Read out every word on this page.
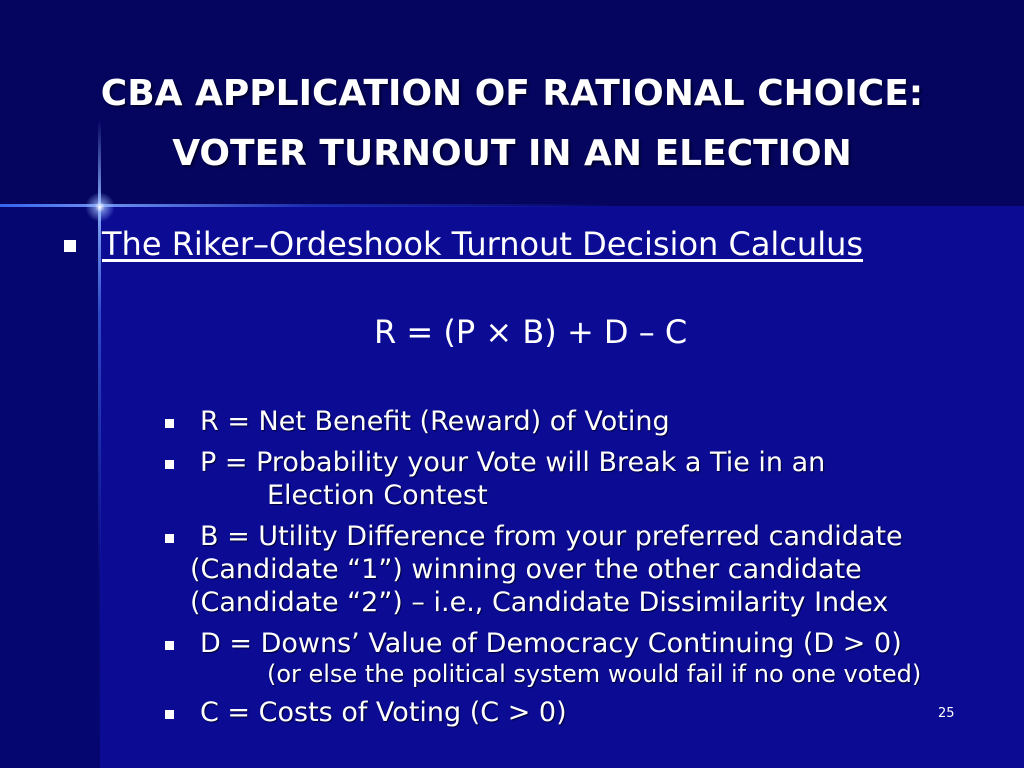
CBA APPLICATION OF RATIONAL CHOICE:
VOTER TURNOUT IN AN ELECTION
The Riker–Ordeshook Turnout Decision Calculus
R = (P × B) + D – C
R = Net Benefit (Reward) of Voting
P = Probability your Vote will Break a Tie in an
Election Contest
B = Utility Difference from your preferred candidate
(Candidate “1”) winning over the other candidate
(Candidate “2”) – i.e., Candidate Dissimilarity Index
D = Downs’ Value of Democracy Continuing (D > 0)
(or else the political system would fail if no one voted)
C = Costs of Voting (C > 0)	25
